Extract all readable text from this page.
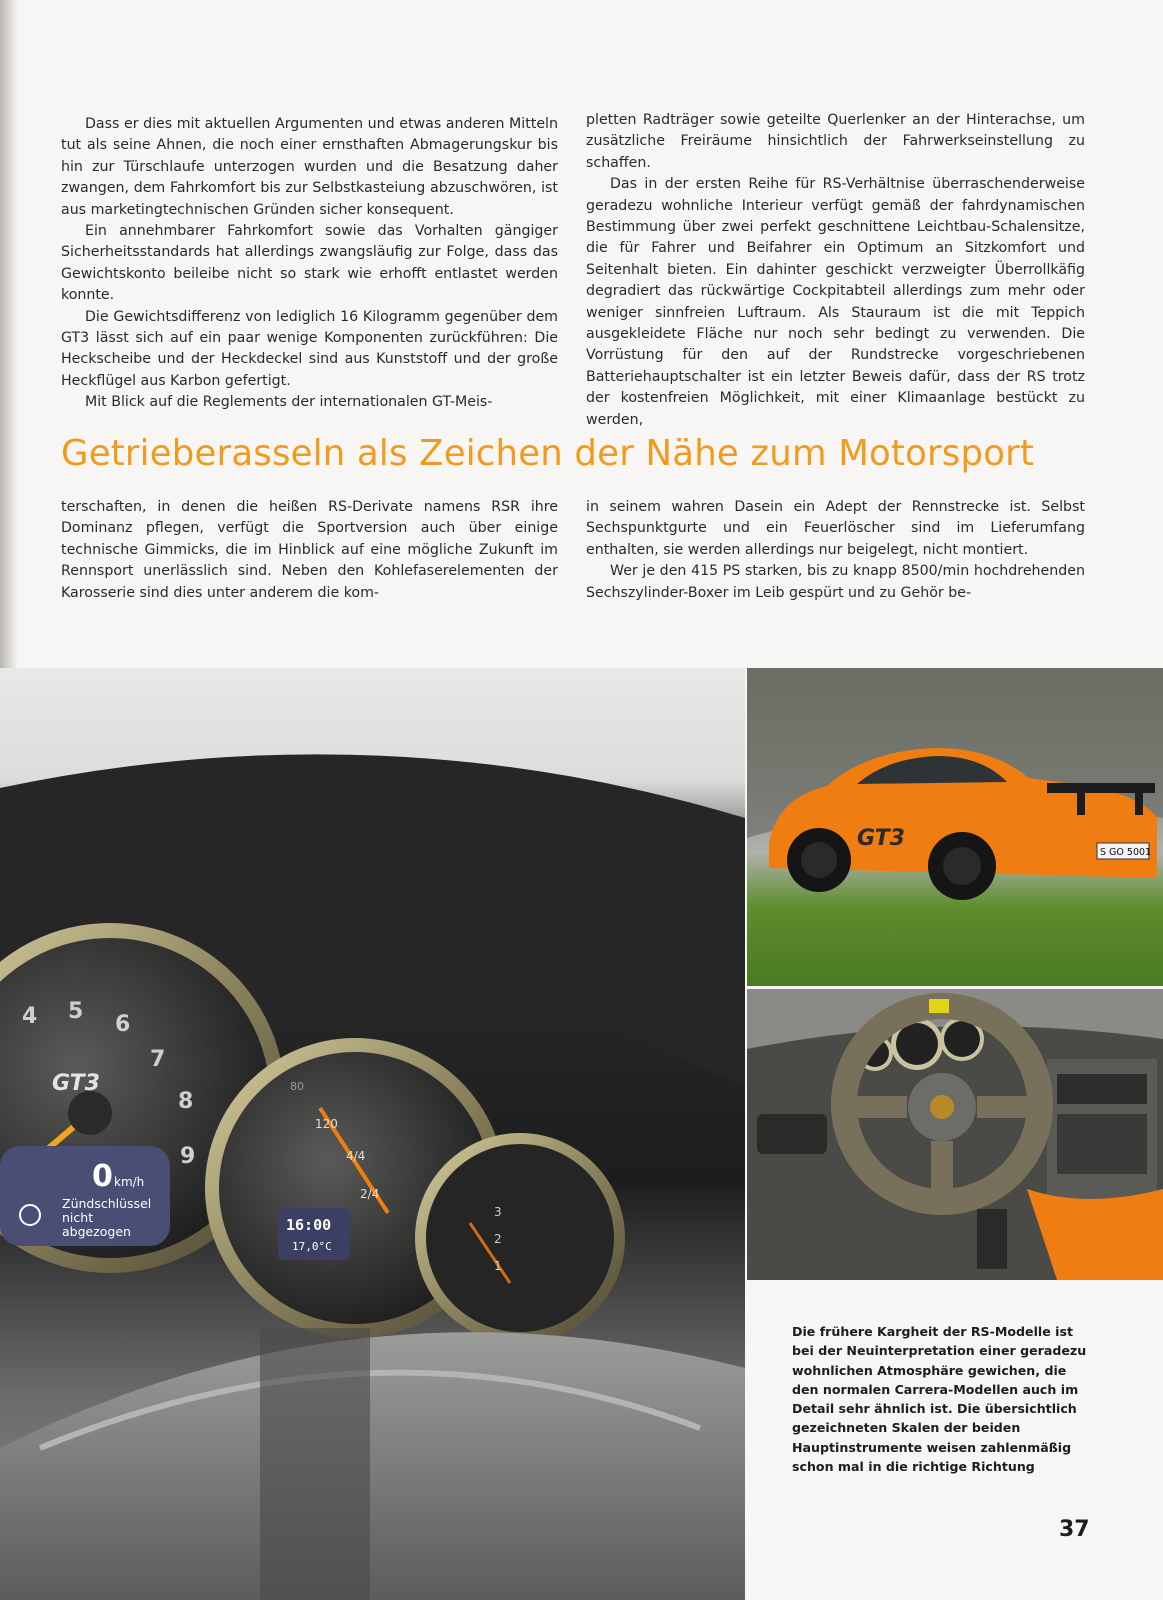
Dass er dies mit aktuellen Argumenten und etwas anderen Mitteln tut als seine Ahnen, die noch einer ernsthaften Abmagerungskur bis hin zur Türschlaufe unterzogen wurden und die Besatzung daher zwangen, dem Fahrkomfort bis zur Selbstkasteiung abzuschwören, ist aus marketingtechnischen Gründen sicher konsequent.

Ein annehmbarer Fahrkomfort sowie das Vorhalten gängiger Sicherheitsstandards hat allerdings zwangsläufig zur Folge, dass das Gewichtskonto beileibe nicht so stark wie erhofft entlastet werden konnte.

Die Gewichtsdifferenz von lediglich 16 Kilogramm gegenüber dem GT3 lässt sich auf ein paar wenige Komponenten zurückführen: Die Heckscheibe und der Heckdeckel sind aus Kunststoff und der große Heckflügel aus Karbon gefertigt.

Mit Blick auf die Reglements der internationalen GT-Meis-

pletten Radträger sowie geteilte Querlenker an der Hinterachse, um zusätzliche Freiräume hinsichtlich der Fahrwerkseinstellung zu schaffen.

Das in der ersten Reihe für RS-Verhältnise überraschenderweise geradezu wohnliche Interieur verfügt gemäß der fahrdynamischen Bestimmung über zwei perfekt geschnittene Leichtbau-Schalensitze, die für Fahrer und Beifahrer ein Optimum an Sitzkomfort und Seitenhalt bieten. Ein dahinter geschickt verzweigter Überrollkäfig degradiert das rückwärtige Cockpitabteil allerdings zum mehr oder weniger sinnfreien Luftraum. Als Stauraum ist die mit Teppich ausgekleidete Fläche nur noch sehr bedingt zu verwenden. Die Vorrüstung für den auf der Rundstrecke vorgeschriebenen Batteriehauptschalter ist ein letzter Beweis dafür, dass der RS trotz der kostenfreien Möglichkeit, mit einer Klimaanlage bestückt zu werden,

Getrieberasseln als Zeichen der Nähe zum Motorsport

terschaften, in denen die heißen RS-Derivate namens RSR ihre Dominanz pflegen, verfügt die Sportversion auch über einige technische Gimmicks, die im Hinblick auf eine mögliche Zukunft im Rennsport unerlässlich sind. Neben den Kohlefaserelementen der Karosserie sind dies unter anderem die kom-

in seinem wahren Dasein ein Adept der Rennstrecke ist. Selbst Sechspunktgurte und ein Feuerlöscher sind im Lieferumfang enthalten, sie werden allerdings nur beigelegt, nicht montiert.

Wer je den 415 PS starken, bis zu knapp 8500/min hochdrehenden Sechszylinder-Boxer im Leib gespürt und zu Gehör be-

4 5
6
7
8
9
GT3
0 km/h
Zündschlüssel
nicht
abgezogen
80
120
4/4
2/4
16:00
17,0°C
3
2
1
GT3
S GO 5001
Die frühere Kargheit der RS-Modelle ist bei der Neuinterpretation einer geradezu wohnlichen Atmosphäre gewichen, die den normalen Carrera-Modellen auch im Detail sehr ähnlich ist. Die übersichtlich gezeichneten Skalen der beiden Hauptinstrumente weisen zahlenmäßig schon mal in die richtige Richtung
37
